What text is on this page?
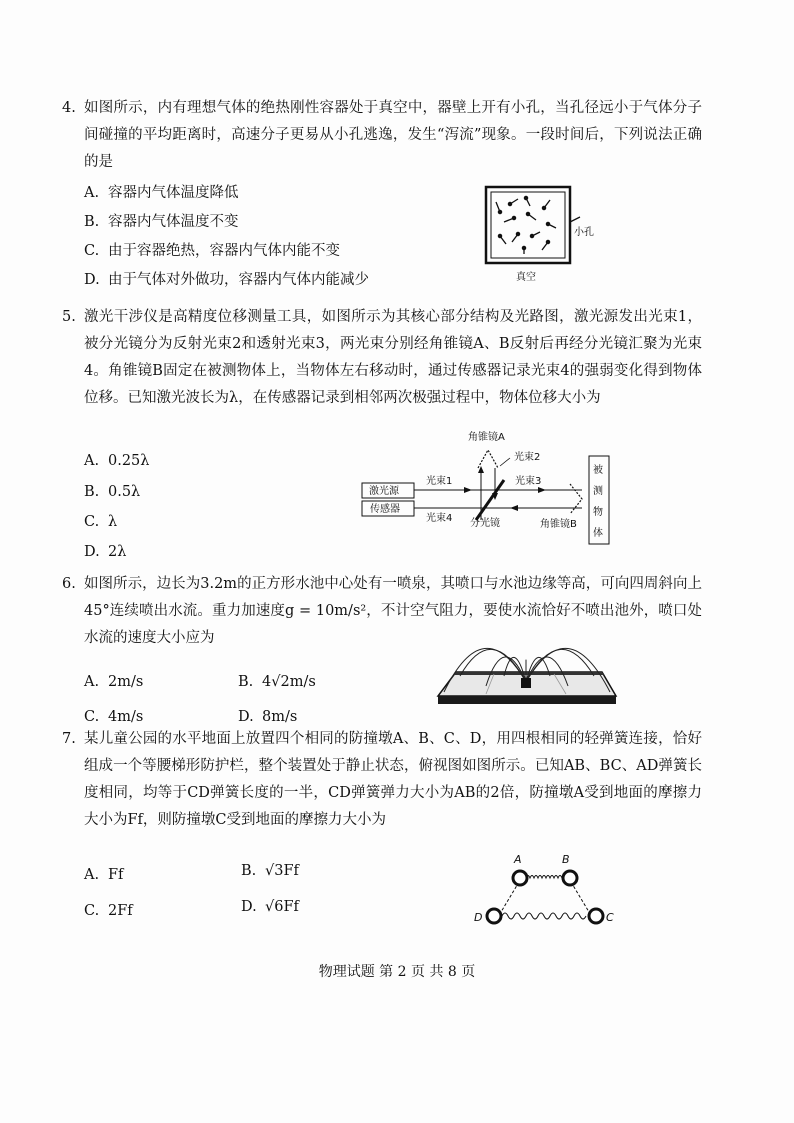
4. 如图所示，内有理想气体的绝热刚性容器处于真空中，器壁上开有小孔，当孔径远小于气体分子间碰撞的平均距离时，高速分子更易从小孔逃逸，发生“泻流”现象。一段时间后，下列说法正确的是
A. 容器内气体温度降低
B. 容器内气体温度不变
C. 由于容器绝热，容器内气体内能不变
D. 由于气体对外做功，容器内气体内能减少
小孔
真空
5. 激光干涉仪是高精度位移测量工具，如图所示为其核心部分结构及光路图，激光源发出光束1，被分光镜分为反射光束2和透射光束3，两光束分别经角锥镜A、B反射后再经分光镜汇聚为光束4。角锥镜B固定在被测物体上，当物体左右移动时，通过传感器记录光束4的强弱变化得到物体位移。已知激光波长为λ，在传感器记录到相邻两次极强过程中，物体位移大小为
A. 0.25λ
B. 0.5λ
C. λ
D. 2λ
角锥镜A
光束2
光束1	光束3
激光源
传感器
光束4 分光镜	角锥镜B
被
测
物
体
6. 如图所示，边长为3.2m的正方形水池中心处有一喷泉，其喷口与水池边缘等高，可向四周斜向上45°连续喷出水流。重力加速度g = 10m/s²，不计空气阻力，要使水流恰好不喷出池外，喷口处水流的速度大小应为
A. 2m/s	B. 4√2m/s
C. 4m/s	D. 8m/s
7. 某儿童公园的水平地面上放置四个相同的防撞墩A、B、C、D，用四根相同的轻弹簧连接，恰好组成一个等腰梯形防护栏，整个装置处于静止状态，俯视图如图所示。已知AB、BC、AD弹簧长度相同，均等于CD弹簧长度的一半，CD弹簧弹力大小为AB的2倍，防撞墩A受到地面的摩擦力大小为Ff，则防撞墩C受到地面的摩擦力大小为
A. Ff	B. √3Ff
C. 2Ff	D. √6Ff
A	B
D	C
物理试题 第 2 页 共 8 页
